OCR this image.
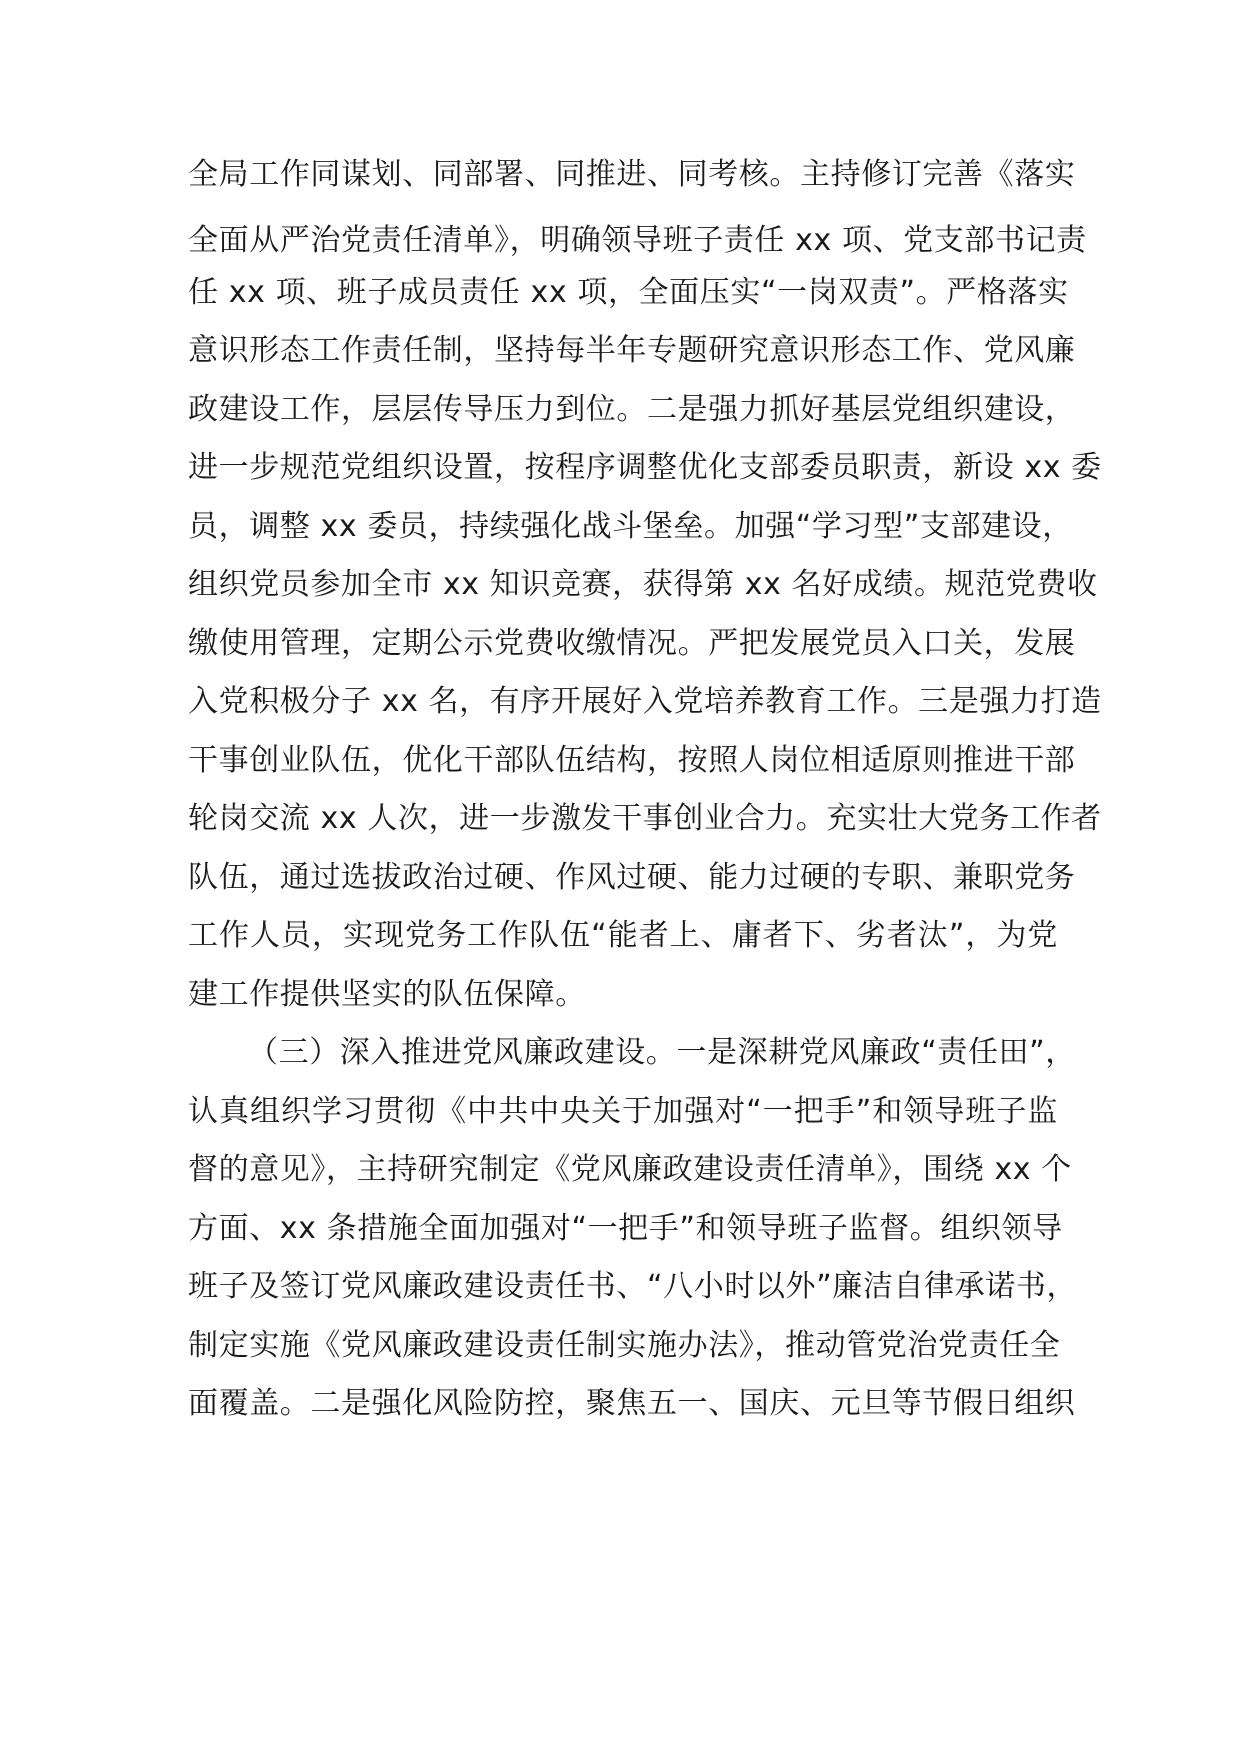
全局工作同谋划、同部署、同推进、同考核。主持修订完善《落实
全面从严治党责任清单》，明确领导班子责任 xx 项、党支部书记责
任 xx 项、班子成员责任 xx 项，全面压实“一岗双责”。严格落实
意识形态工作责任制，坚持每半年专题研究意识形态工作、党风廉
政建设工作，层层传导压力到位。二是强力抓好基层党组织建设，
进一步规范党组织设置，按程序调整优化支部委员职责，新设 xx 委
员，调整 xx 委员，持续强化战斗堡垒。加强“学习型”支部建设，
组织党员参加全市 xx 知识竞赛，获得第 xx 名好成绩。规范党费收
缴使用管理，定期公示党费收缴情况。严把发展党员入口关，发展
入党积极分子 xx 名，有序开展好入党培养教育工作。三是强力打造
干事创业队伍，优化干部队伍结构，按照人岗位相适原则推进干部
轮岗交流 xx 人次，进一步激发干事创业合力。充实壮大党务工作者
队伍，通过选拔政治过硬、作风过硬、能力过硬的专职、兼职党务
工作人员，实现党务工作队伍“能者上、庸者下、劣者汰”，为党
建工作提供坚实的队伍保障。
（三）深入推进党风廉政建设。一是深耕党风廉政“责任田”，
认真组织学习贯彻《中共中央关于加强对“一把手”和领导班子监
督的意见》，主持研究制定《党风廉政建设责任清单》，围绕 xx 个
方面、xx 条措施全面加强对“一把手”和领导班子监督。组织领导
班子及签订党风廉政建设责任书、“八小时以外”廉洁自律承诺书，
制定实施《党风廉政建设责任制实施办法》，推动管党治党责任全
面覆盖。二是强化风险防控，聚焦五一、国庆、元旦等节假日组织
